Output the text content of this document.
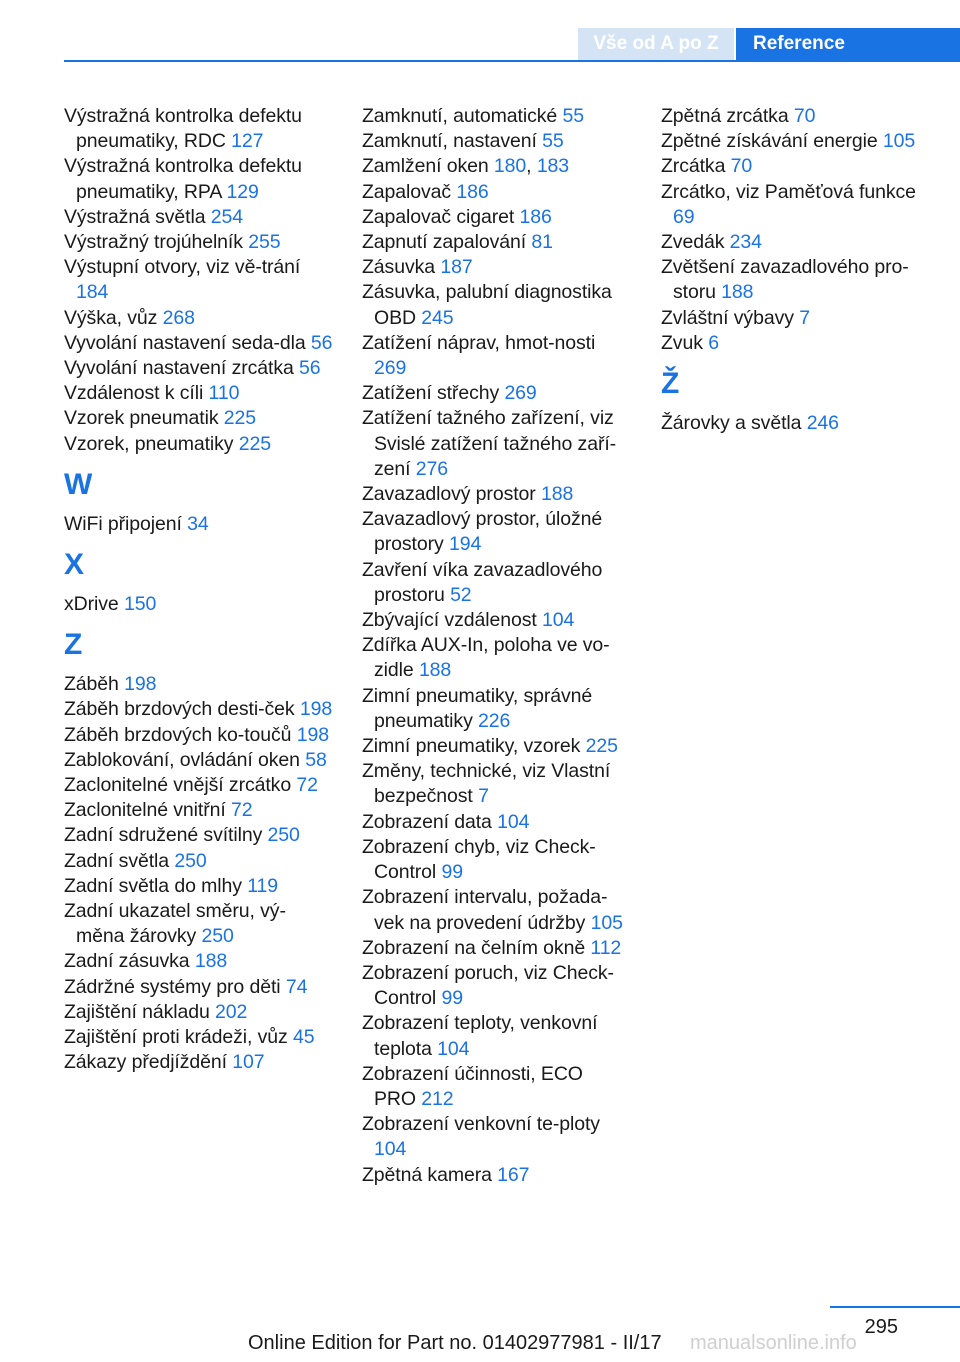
Vše od A po Z	Reference

Výstražná kontrolka defektu pneumatiky, RDC 127

Výstražná kontrolka defektu pneumatiky, RPA 129

Výstražná světla 254

Výstražný trojúhelník 255

Výstupní otvory, viz vě-trání 184

Výška, vůz 268

Vyvolání nastavení seda-dla 56

Vyvolání nastavení zrcátka 56

Vzdálenost k cíli 110

Vzorek pneumatik 225

Vzorek, pneumatiky 225

W

WiFi připojení 34

X

xDrive 150

Z

Záběh 198

Záběh brzdových desti-ček 198

Záběh brzdových ko-toučů 198

Zablokování, ovládání oken 58

Zaclonitelné vnější zrcátko 72

Zaclonitelné vnitřní 72

Zadní sdružené svítilny 250

Zadní světla 250

Zadní světla do mlhy 119

Zadní ukazatel směru, vý-měna žárovky 250

Zadní zásuvka 188

Zádržné systémy pro děti 74

Zajištění nákladu 202

Zajištění proti krádeži, vůz 45

Zákazy předjíždění 107

Zamknutí, automatické 55

Zamknutí, nastavení 55

Zamlžení oken 180, 183

Zapalovač 186

Zapalovač cigaret 186

Zapnutí zapalování 81

Zásuvka 187

Zásuvka, palubní diagnostika OBD 245

Zatížení náprav, hmot-nosti 269

Zatížení střechy 269

Zatížení tažného zařízení, viz Svislé zatížení tažného zaří-zení 276

Zavazadlový prostor 188

Zavazadlový prostor, úložné prostory 194

Zavření víka zavazadlového prostoru 52

Zbývající vzdálenost 104

Zdířka AUX-In, poloha ve vo-zidle 188

Zimní pneumatiky, správné pneumatiky 226

Zimní pneumatiky, vzorek 225

Změny, technické, viz Vlastní bezpečnost 7

Zobrazení data 104

Zobrazení chyb, viz Check-Control 99

Zobrazení intervalu, požada-vek na provedení údržby 105

Zobrazení na čelním okně 112

Zobrazení poruch, viz Check-Control 99

Zobrazení teploty, venkovní teplota 104

Zobrazení účinnosti, ECO PRO 212

Zobrazení venkovní te-ploty 104

Zpětná kamera 167

Zpětná zrcátka 70

Zpětné získávání energie 105

Zrcátka 70

Zrcátko, viz Paměťová funkce 69

Zvedák 234

Zvětšení zavazadlového pro-storu 188

Zvláštní výbavy 7

Zvuk 6

Ž

Žárovky a světla 246

295
Online Edition for Part no. 01402977981 - II/17 manualsonline.info
